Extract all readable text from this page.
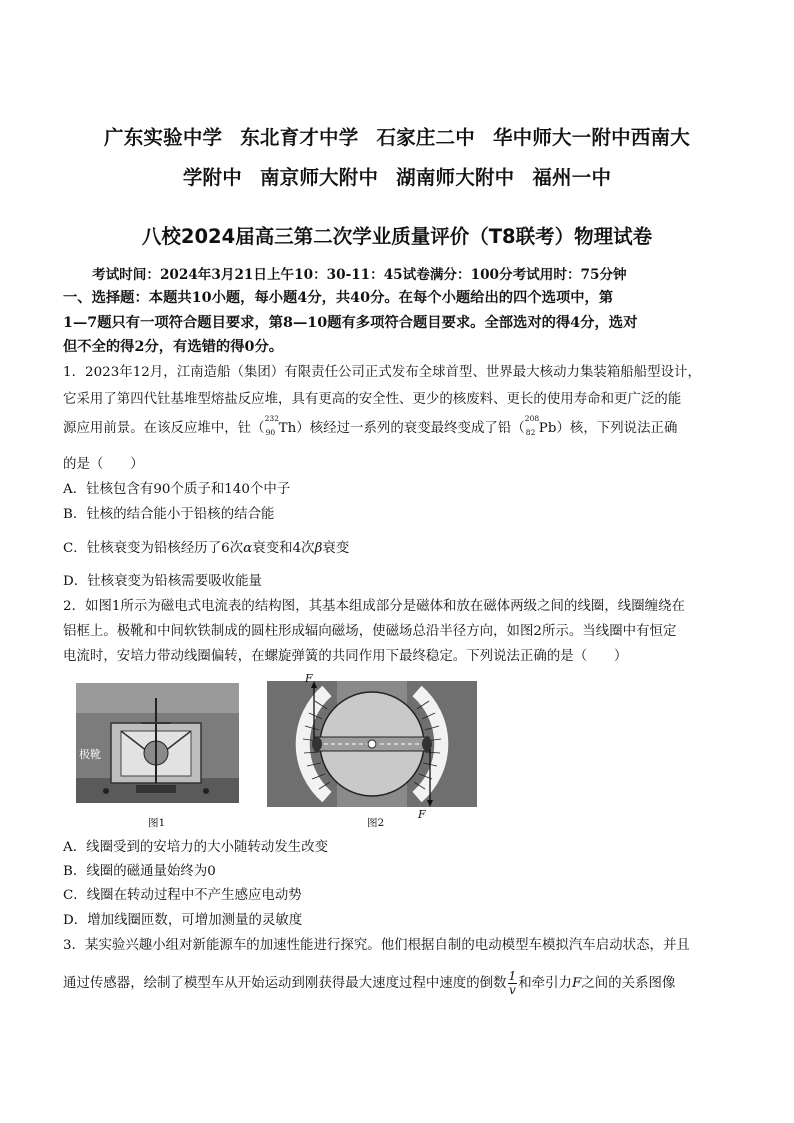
广东实验中学 东北育才中学 石家庄二中 华中师大一附中西南大
学附中 南京师大附中 湖南师大附中 福州一中
八校2024届高三第二次学业质量评价（T8联考）物理试卷
考试时间：2024年3月21日上午10：30-11：45试卷满分：100分考试用时：75分钟
一、选择题：本题共10小题，每小题4分，共40分。在每个小题给出的四个选项中，第
1—7题只有一项符合题目要求，第8—10题有多项符合题目要求。全部选对的得4分，选对
但不全的得2分，有选错的得0分。
1．2023年12月，江南造船（集团）有限责任公司正式发布全球首型、世界最大核动力集装箱船船型设计，
它采用了第四代钍基堆型熔盐反应堆，具有更高的安全性、更少的核废料、更长的使用寿命和更广泛的能
源应用前景。在该反应堆中，钍（
232
90 Th）核经过一系列的衰变最终变成了铅（
208
82 Pb）核，下列说法正确
的是（　　）
A．钍核包含有90个质子和140个中子
B．钍核的结合能小于铅核的结合能
C．钍核衰变为铅核经历了6次α衰变和4次β衰变
D．钍核衰变为铅核需要吸收能量
2．如图1所示为磁电式电流表的结构图，其基本组成部分是磁体和放在磁体两级之间的线圈，线圈缠绕在
铝框上。极靴和中间软铁制成的圆柱形成辐向磁场，使磁场总沿半径方向，如图2所示。当线圈中有恒定
电流时，安培力带动线圈偏转，在螺旋弹簧的共同作用下最终稳定。下列说法正确的是（　　）
极靴
图1
F
F
图2
A．线圈受到的安培力的大小随转动发生改变
B．线圈的磁通量始终为0
C．线圈在转动过程中不产生感应电动势
D．增加线圈匝数，可增加测量的灵敏度
3．某实验兴趣小组对新能源车的加速性能进行探究。他们根据自制的电动模型车模拟汽车启动状态，并且
通过传感器，绘制了模型车从开始运动到刚获得最大速度过程中速度的倒数 $\frac{1}{v}$ 和牵引力F之间的关系图像
